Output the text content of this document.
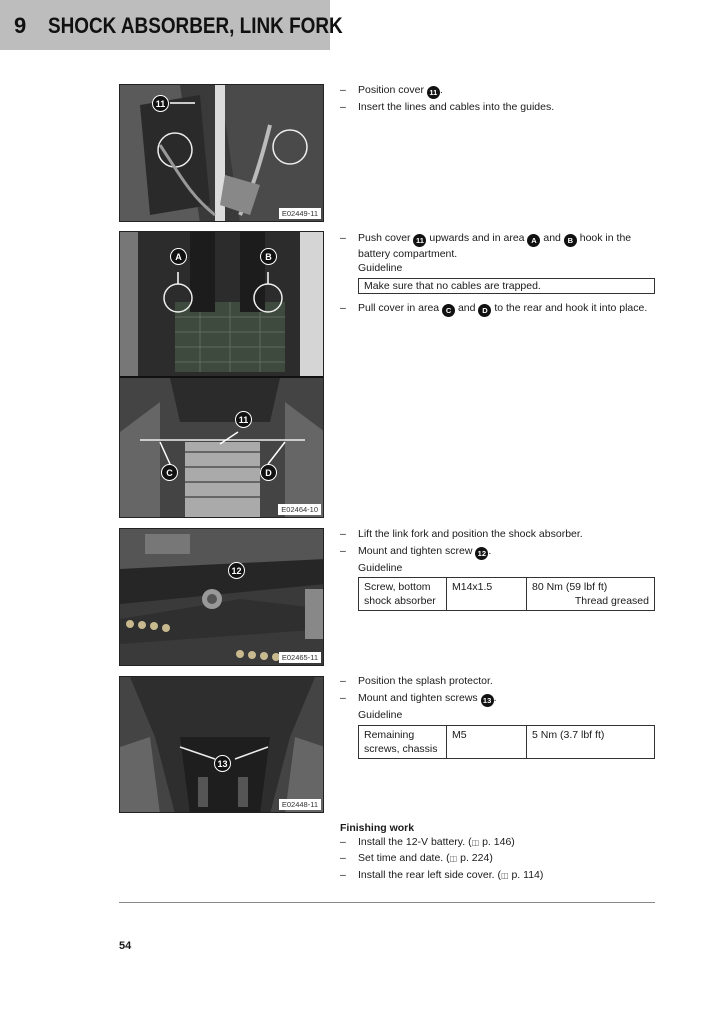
9 SHOCK ABSORBER, LINK FORK
11
E02449-11
A	B
11
C	D
E02464-10
12
E02465-11
13
E02448-11
– Position cover 11 .
– Insert the lines and cables into the guides.
– Push cover 11 upwards and in area A and B hook in the battery compartment.
Guideline
Make sure that no cables are trapped.
– Pull cover in area C and D to the rear and hook it into place.
– Lift the link fork and position the shock absorber.
– Mount and tighten screw 12 .
Guideline
Screw, bottom shock absorber	M14x1.5	80 Nm (59 lbf ft)
Thread greased
– Position the splash protector.
– Mount and tighten screws 13 .
Guideline
Remaining screws, chassis	M5	5 Nm (3.7 lbf ft)
Finishing work
– Install the 12-V battery. (◫ p. 146)
– Set time and date. (◫ p. 224)
– Install the rear left side cover. (◫ p. 114)
54
